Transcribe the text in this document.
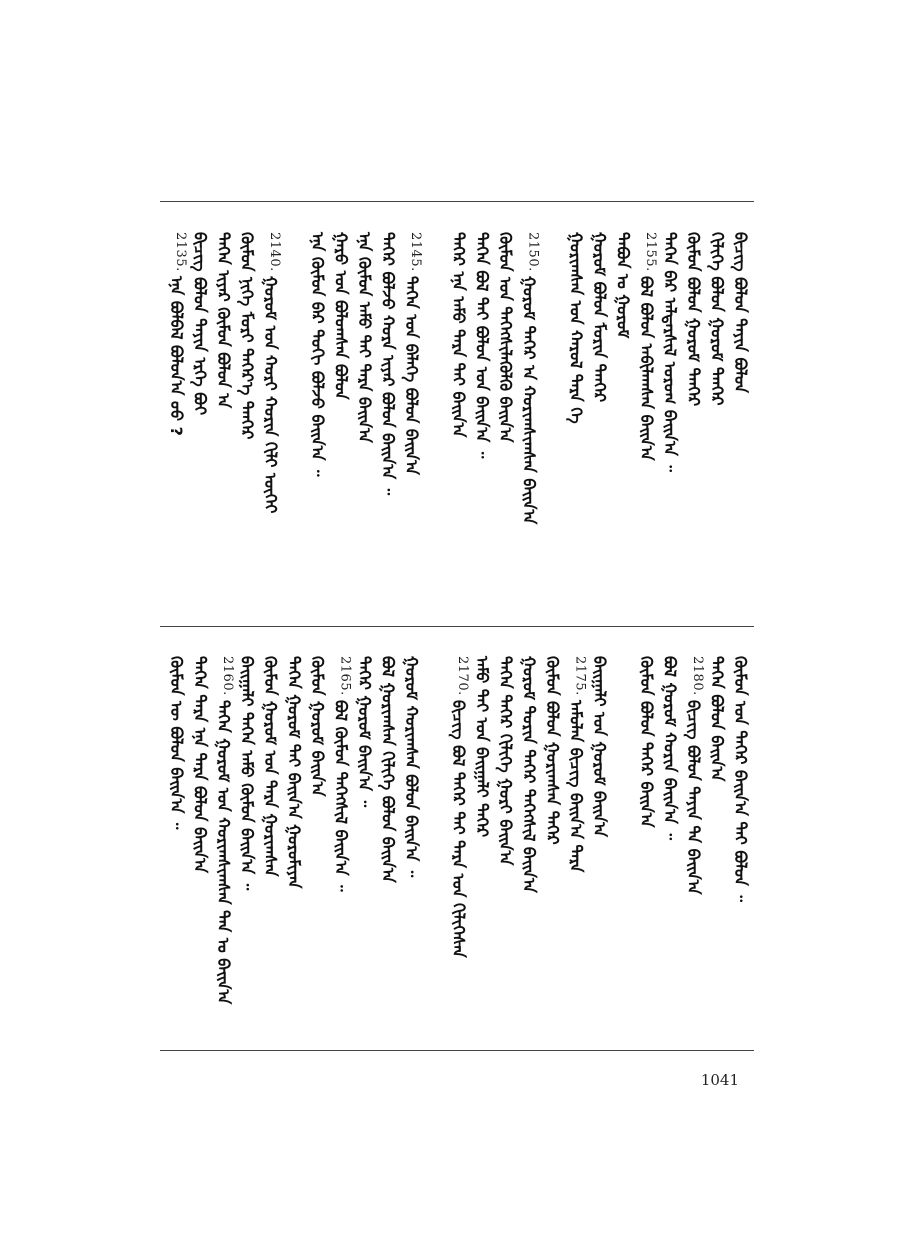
2135.
ᠡᠨᠡ ᠪᠣᠯᠪᠠᠯ ᠪᠣᠯᠤᠨ᠎ᠠ ᠤᠤ ? ᠪᠢᠴᠢᠭ᠌ ᠪᠣᠯᠣᠨ ᠲᠡᠶᠢᠨ ᠡᠷᠭᠡ ᠪᠤᠢ ᠲᠡᠭᠡᠨ ᠢᠶᠡᠷ ᠬᠦᠮᠦᠨ ᠪᠣᠯᠤᠨ ᠠ ᠬᠦᠮᠦᠨ ᠨᠢᠭᠡ ᠮᠣᠷᠢ ᠳᠡᠭᠡᠷ᠎ᠡ ᠲᠡᠨᠭᠡᠷ 2140.
ᠭᠣᠷᠤᠮ ᠤᠨ ᠬᠣᠷᠢ ᠬᠣᠷᠢᠨ ᠬᠢᠯᠢ ᠦᠭᠡᠢ ᠡᠨᠡ ᠬᠦᠮᠦᠨ ᠪᠡᠷ ᠲᠣᠬᠢ ᠪᠣᠯᠵᠤ ᠪᠠᠢᠨ᠎ᠠ ᠃ ᠭᠠᠷᠤ ᠤᠨ ᠪᠣᠯᠣᠭᠰᠠᠨ ᠪᠣᠯᠤᠨ ᠡᠨᠡ ᠬᠦᠮᠦᠨ ᠠᠮᠤ ᠲᠠᠢ ᠲᠡᠷᠡ ᠪᠠᠢᠨ᠎ᠠ ᠲᠡᠭᠡᠷ ᠪᠣᠯᠵᠤ ᠬᠤᠷᠠ ᠢᠶᠠᠷ ᠪᠣᠯᠤᠨ ᠪᠠᠢᠨ᠎ᠠ ᠃ 2145.
ᠲᠡᠭᠡᠨ ᠤᠨ ᠪᠡᠯᠡᠭᠡ ᠪᠣᠯᠤᠨ ᠪᠠᠢᠨ᠎ᠠ ᠲᠡᠭᠡᠷ ᠡᠨᠡ ᠠᠮᠤ ᠲᠡᠷᠡ ᠲᠠᠢ ᠪᠠᠢᠨ᠎ᠠ ᠲᠡᠭᠡᠨ ᠪᠣᠯ ᠲᠠᠢ ᠪᠣᠯᠤᠨ ᠤᠨ ᠪᠠᠢᠨ᠎ᠠ ᠃ ᠬᠦᠮᠦᠨ ᠤᠨ ᠳᠡᠭᠡᠭᠰᠢᠯᠡᠭᠦᠯᠬᠦ ᠪᠠᠢᠨ᠎ᠠ 2150.
ᠭᠣᠷᠣᠮ ᠲᠡᠭᠡᠷ ᠠ ᠬᠣᠷᠢᠭᠰᠢᠭᠰᠠᠨ ᠪᠠᠢᠨ᠎ᠠ ᠭᠣᠷᠢᠭᠰᠠᠨ ᠤᠨ ᠬᠠᠷᠤᠯ ᠲᠡᠷᠡ ᠭᠡ ᠭᠣᠷᠤᠮ ᠪᠣᠯᠣᠨ ᠮᠣᠷᠢᠨ ᠲᠡᠨᠭᠡᠷ ᠲᠠᠪᠤᠨ ᠤ ᠭᠣᠷᠤᠮ 2155.
ᠪᠣᠯ ᠪᠣᠯᠣᠨ ᠠᠪᠢᠯᠠᠭᠰᠠᠨ ᠪᠠᠢᠨ᠎ᠠ ᠲᠡᠭᠡᠨ ᠪᠠᠷ ᠠᠯᠳᠠᠷᠰᠢᠯ ᠤᠷᠤᠭ ᠪᠠᠢᠨ᠎ᠠ ᠃ ᠬᠦᠮᠦᠨ ᠪᠣᠯᠣᠨ ᠭᠣᠷᠤᠮ ᠲᠡᠨᠭᠡᠷ ᠬᠢᠯᠢᠭᠡ ᠪᠣᠯᠣᠨ ᠭᠣᠷᠤᠮ ᠲᠡᠨᠭᠡᠷ ᠪᠢᠴᠢᠭ᠌ ᠪᠣᠯᠣᠨ ᠲᠡᠶᠢᠨ ᠪᠣᠯᠤᠨ
ᠬᠦᠮᠦᠨ ᠦ ᠪᠣᠯᠤᠨ ᠪᠠᠢᠨ᠎ᠠ ᠃ ᠲᠡᠭᠡᠨ ᠲᠡᠷᠡ ᠡᠨᠡ ᠲᠡᠷᠡ ᠪᠣᠯᠤᠨ ᠪᠠᠢᠨ᠎ᠠ 2160.
ᠲᠡᠭᠡᠨ ᠭᠣᠷᠤᠮ ᠤᠨ ᠬᠣᠷᠢᠭᠰᠢᠭᠰᠠᠨ ᠲᠠᠨ ᠤ ᠪᠠᠢᠨ᠎ᠠ ᠪᠠᠢᠭᠠᠯᠢ ᠲᠡᠭᠡᠨ ᠠᠮᠤ ᠬᠦᠮᠦᠨ ᠪᠠᠢᠨ᠎ᠠ ᠃ ᠬᠦᠮᠦᠨ ᠭᠣᠷᠤᠮ ᠤᠨ ᠲᠡᠷᠡ ᠭᠣᠷᠢᠭᠰᠠᠨ ᠲᠡᠭᠡᠨ ᠭᠣᠷᠤᠮ ᠲᠠᠢ ᠪᠠᠢᠨ᠎ᠠ ᠭᠣᠷᠤᠮᠢᠶᠠᠨ ᠬᠦᠮᠦᠨ ᠭᠣᠷᠤᠮ ᠪᠠᠢᠨ᠎ᠠ 2165.
ᠪᠣᠯ ᠬᠦᠮᠦᠨ ᠲᠡᠭᠡᠭᠰᠢᠯ ᠪᠠᠢᠨ᠎ᠠ ᠃ ᠲᠡᠭᠡᠷ ᠭᠣᠷᠤᠮ ᠪᠠᠢᠨ᠎ᠠ ᠃ ᠪᠣᠯ ᠭᠣᠷᠢᠭᠰᠠᠨ ᠬᠢᠯᠢᠭᠡ ᠪᠣᠯᠤᠨ ᠪᠠᠢᠨ᠎ᠠ ᠭᠣᠷᠤᠮ ᠬᠣᠷᠢᠭᠰᠠᠨ ᠪᠣᠯᠤᠨ ᠪᠠᠢᠨ᠎ᠠ ᠃	2170.
ᠪᠢᠴᠢᠭ᠌ ᠪᠣᠯ ᠲᠡᠭᠡᠷ ᠲᠠᠢ ᠲᠡᠷᠡ ᠤᠨ ᠬᠢᠯᠢᠭᠡᠰᠡᠨ ᠠᠮᠤ ᠲᠠᠢ ᠤᠨ ᠪᠠᠢᠭᠠᠯᠢ ᠲᠡᠭᠡᠷ ᠲᠡᠭᠡᠨ ᠲᠡᠭᠡᠷ ᠬᠢᠯᠢᠭᠡ ᠭᠣᠷᠢ ᠪᠠᠢᠨ᠎ᠠ ᠭᠣᠷᠤᠮ ᠳᠣᠷᠢᠨ ᠲᠡᠭᠡᠷ ᠲᠡᠭᠡᠭᠰᠢᠯ ᠪᠠᠢᠨ᠎ᠠ ᠬᠦᠮᠦᠨ ᠪᠣᠯᠤᠨ ᠭᠣᠷᠢᠭᠰᠠᠨ ᠲᠡᠭᠡᠷ 2175.
ᠠᠮᠤᠯᠠᠨ ᠪᠢᠴᠢᠭ᠌ ᠪᠠᠢᠨ᠎ᠠ ᠲᠡᠷᠡ ᠪᠠᠢᠭᠠᠯᠢ ᠤᠨ ᠭᠣᠷᠤᠮ ᠪᠠᠢᠨ᠎ᠠ ᠬᠦᠮᠦᠨ ᠪᠣᠯᠤᠨ ᠲᠡᠭᠡᠷ ᠪᠠᠢᠨ᠎ᠠ ᠪᠣᠯ ᠭᠣᠷᠤᠮ ᠬᠣᠷᠢᠨ ᠪᠠᠢᠨ᠎ᠠ ᠃ 2180.
ᠪᠢᠴᠢᠭ᠌ ᠪᠣᠯᠣᠨ ᠲᠡᠶᠢᠨ ᠲᠡ ᠪᠠᠢᠨ᠎ᠠ ᠲᠡᠭᠡᠨ ᠪᠣᠯᠣᠨ ᠪᠠᠢᠨ᠎ᠠ ᠬᠦᠮᠦᠨ ᠤᠨ ᠲᠡᠭᠡᠷ ᠪᠠᠢᠨ᠎ᠠ ᠲᠠᠢ ᠪᠣᠯᠤᠨ ᠃
1041
